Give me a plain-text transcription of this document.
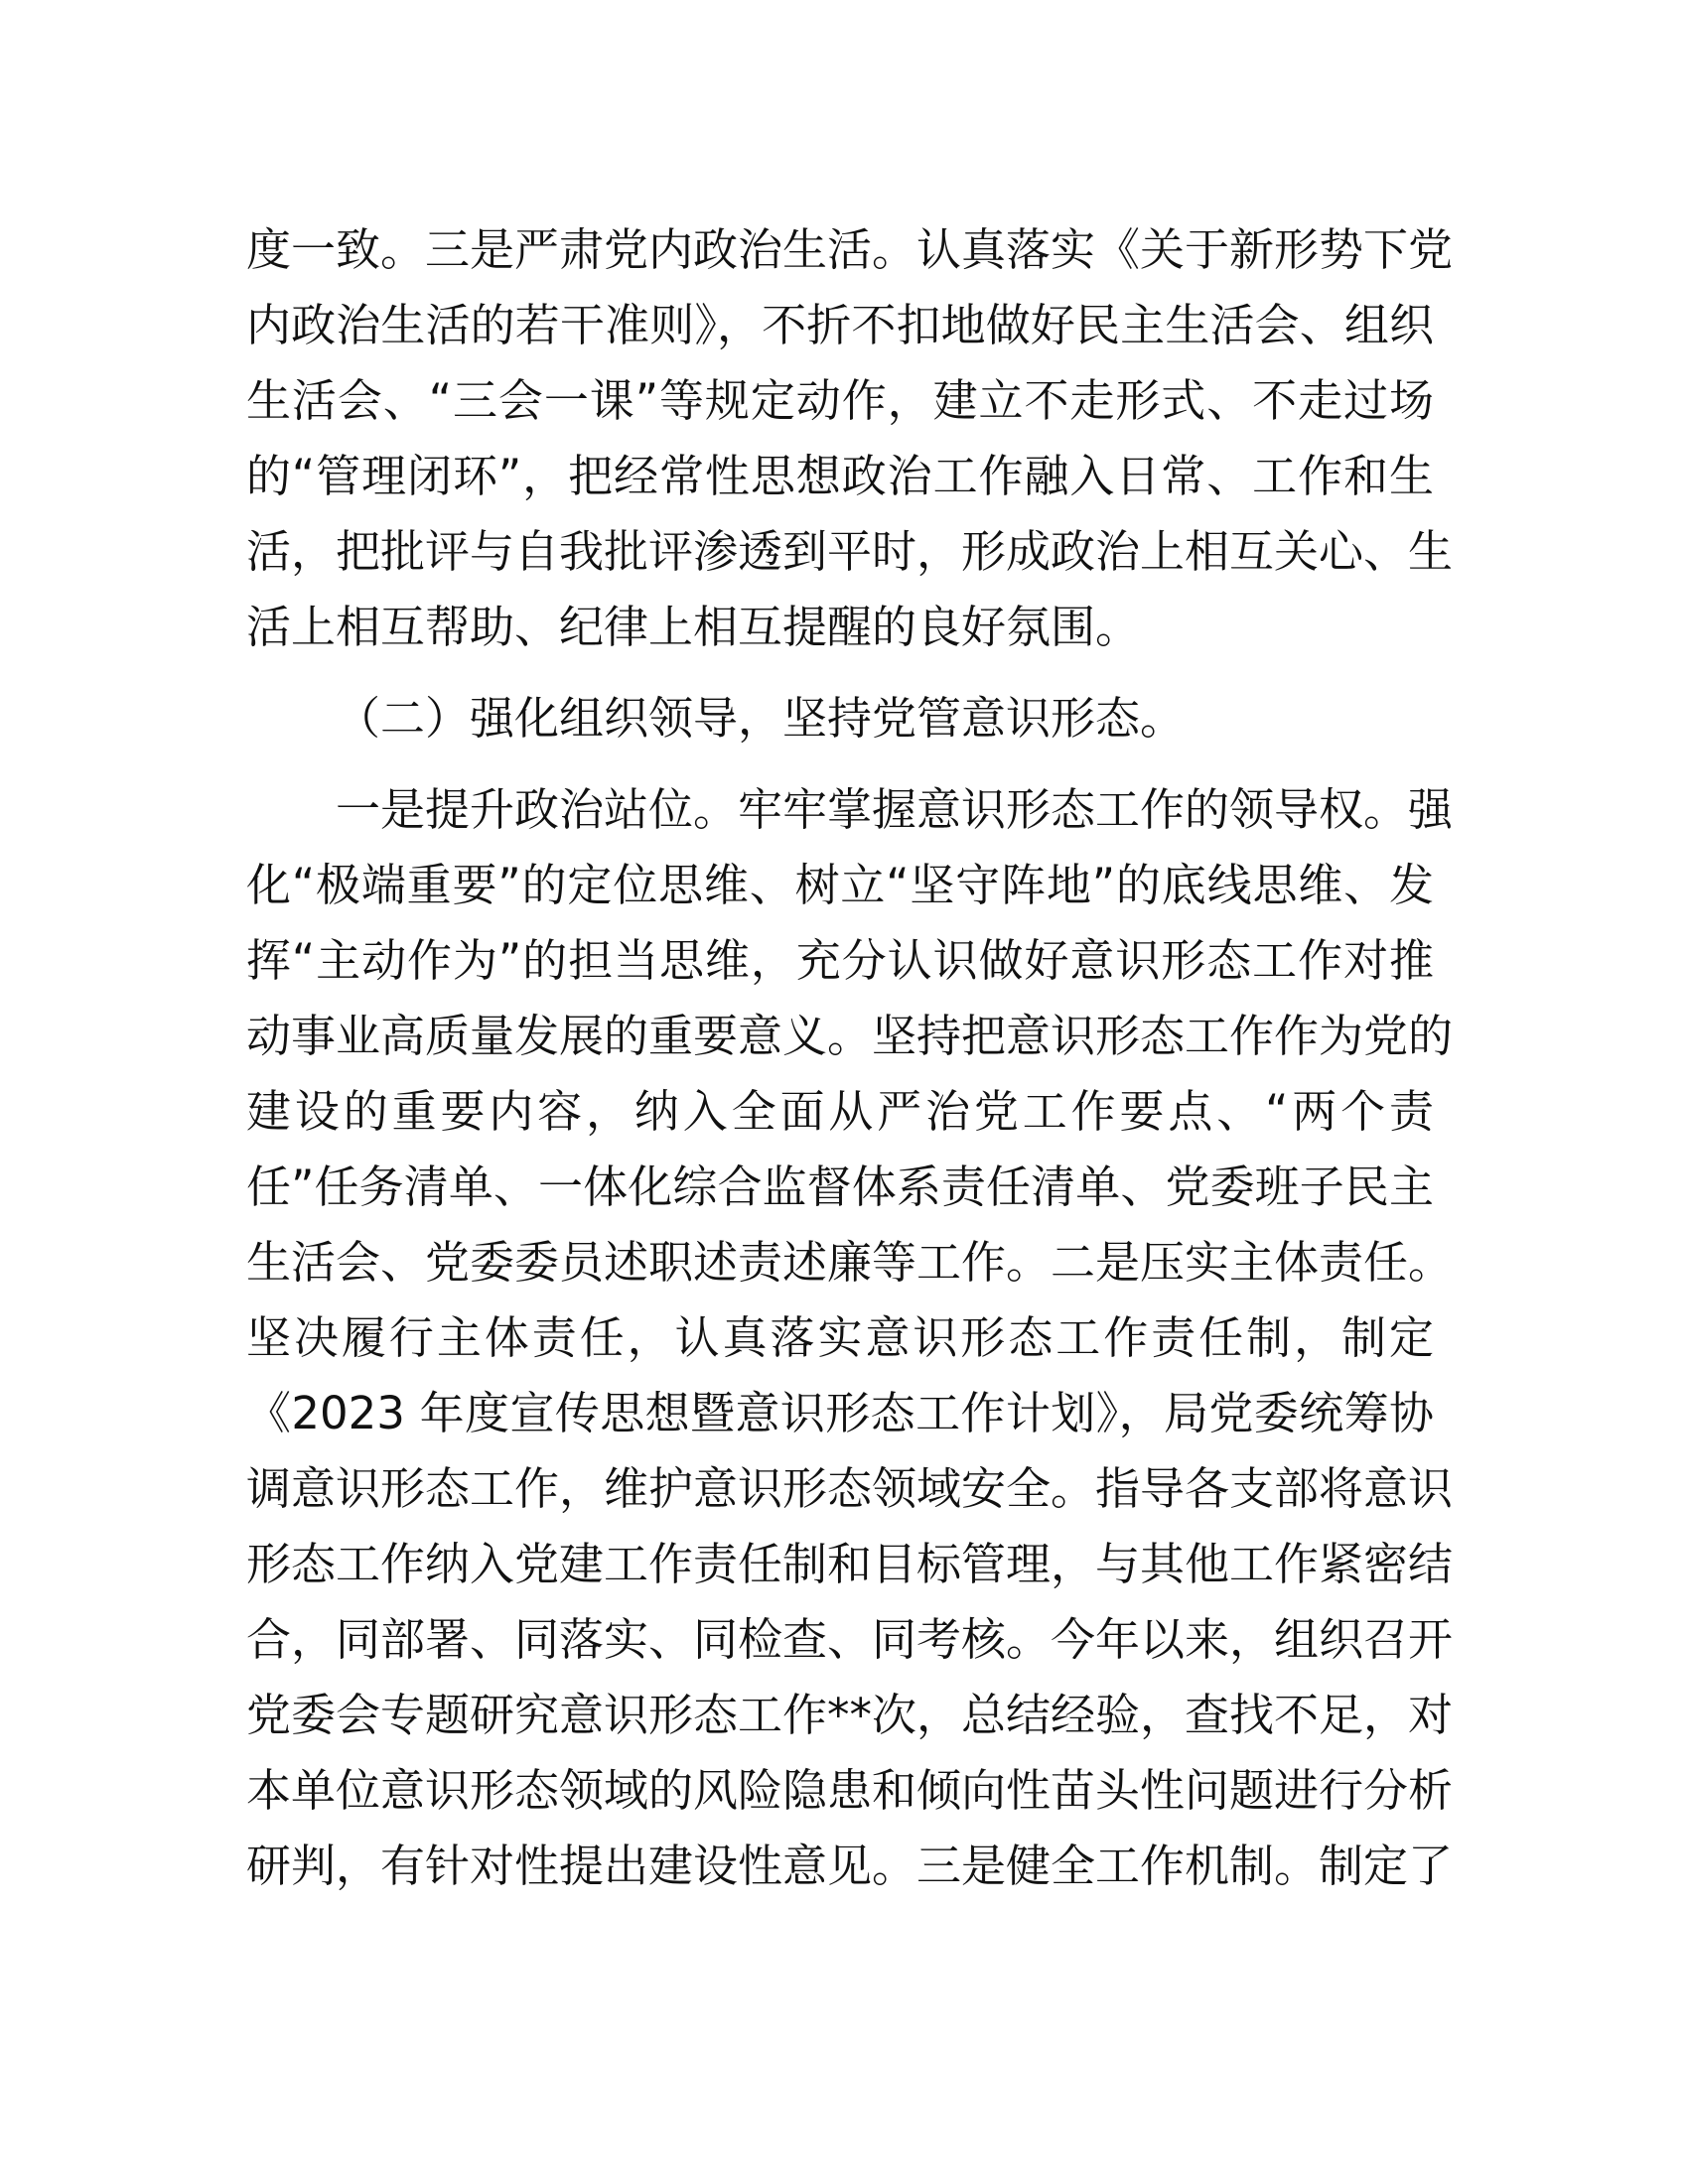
度一致。三是严肃党内政治生活。认真落实《关于新形势下党
内政治生活的若干准则》，不折不扣地做好民主生活会、组织
生活会、“三会一课”等规定动作，建立不走形式、不走过场
的“管理闭环”，把经常性思想政治工作融入日常、工作和生
活，把批评与自我批评渗透到平时，形成政治上相互关心、生
活上相互帮助、纪律上相互提醒的良好氛围。
（二）强化组织领导，坚持党管意识形态。
一是提升政治站位。牢牢掌握意识形态工作的领导权。强
化“极端重要”的定位思维、树立“坚守阵地”的底线思维、发
挥“主动作为”的担当思维，充分认识做好意识形态工作对推
动事业高质量发展的重要意义。坚持把意识形态工作作为党的
建设的重要内容，纳入全面从严治党工作要点、“两个责
任”任务清单、一体化综合监督体系责任清单、党委班子民主
生活会、党委委员述职述责述廉等工作。二是压实主体责任。
坚决履行主体责任，认真落实意识形态工作责任制，制定
《2023 年度宣传思想暨意识形态工作计划》，局党委统筹协
调意识形态工作，维护意识形态领域安全。指导各支部将意识
形态工作纳入党建工作责任制和目标管理，与其他工作紧密结
合，同部署、同落实、同检查、同考核。今年以来，组织召开
党委会专题研究意识形态工作**次，总结经验，查找不足，对
本单位意识形态领域的风险隐患和倾向性苗头性问题进行分析
研判，有针对性提出建设性意见。三是健全工作机制。制定了
